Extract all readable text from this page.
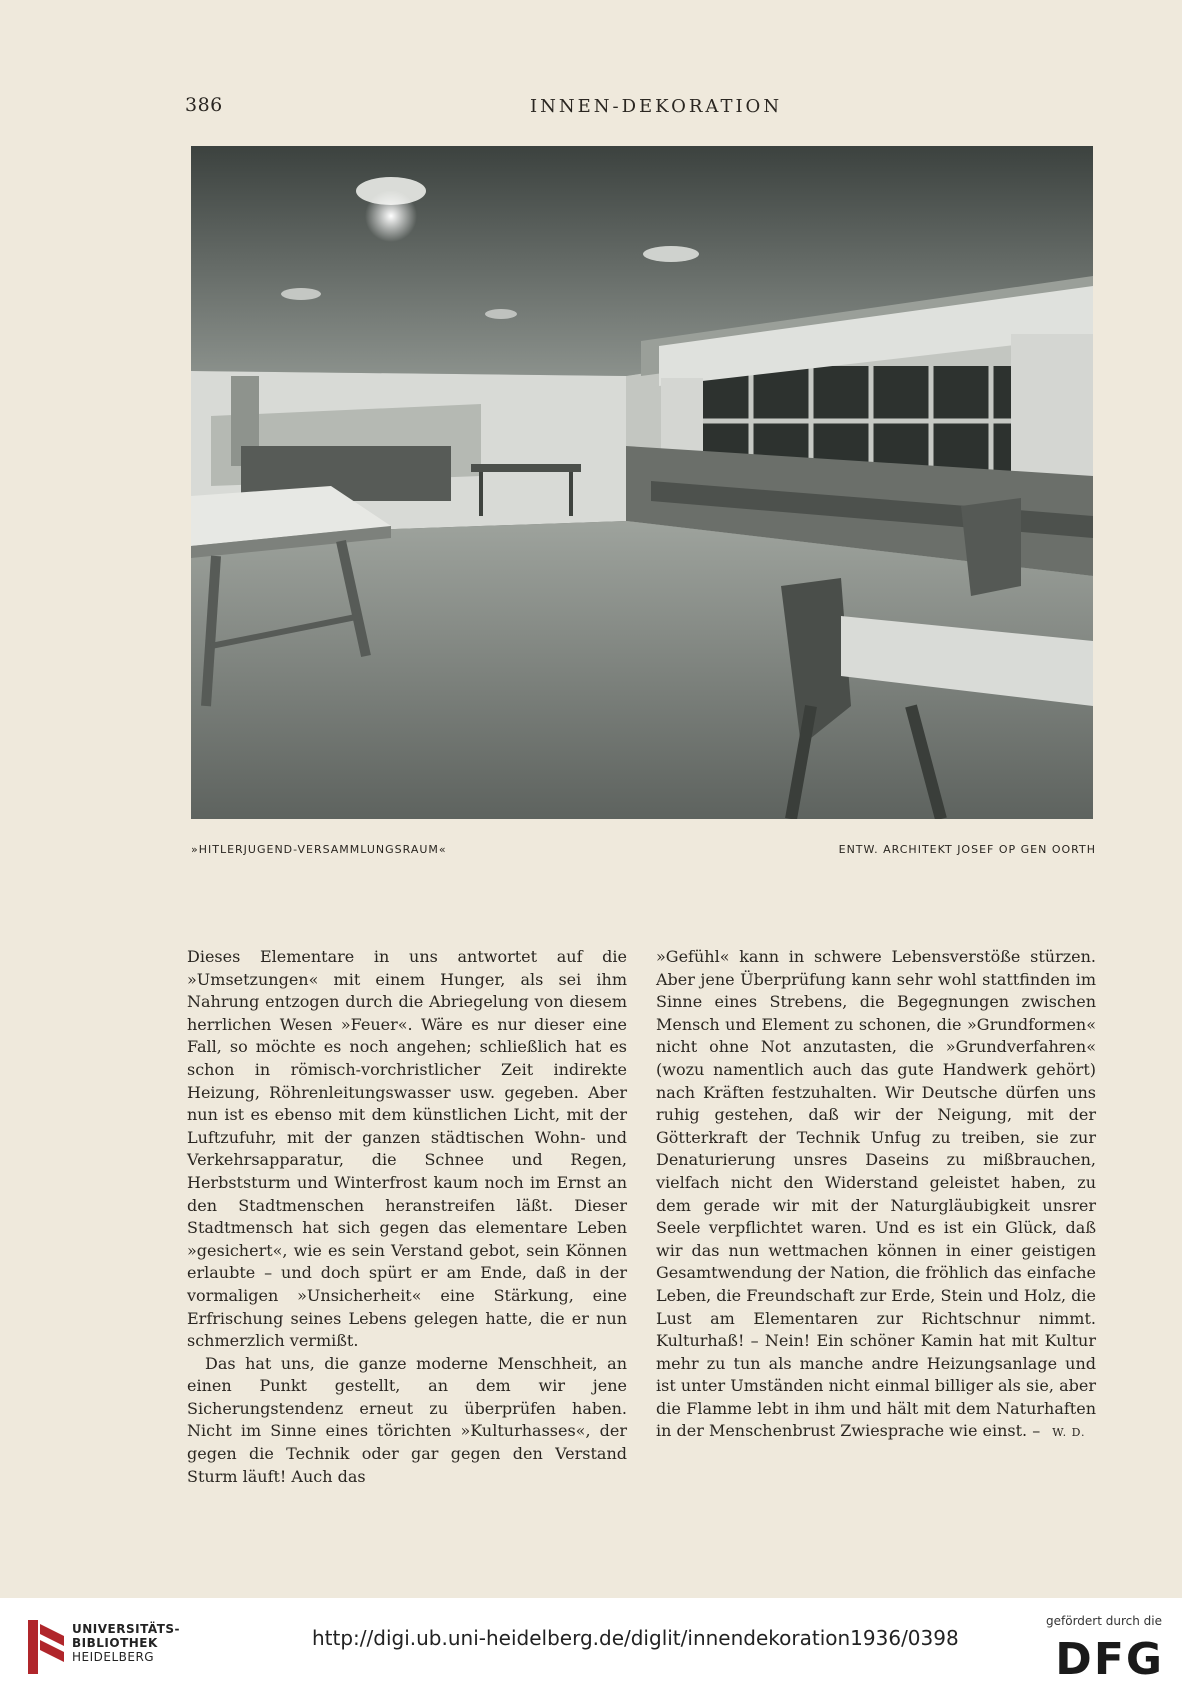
386	INNEN-DEKORATION
»HITLERJUGEND-VERSAMMLUNGSRAUM«	ENTW. ARCHITEKT JOSEF OP GEN OORTH

Dieses Elementare in uns antwortet auf die »Umsetzungen« mit einem Hunger, als sei ihm Nahrung entzogen durch die Abriegelung von diesem herrlichen Wesen »Feuer«. Wäre es nur dieser eine Fall, so möchte es noch angehen; schließlich hat es schon in römisch-vorchristlicher Zeit indirekte Heizung, Röhrenleitungswasser usw. gegeben. Aber nun ist es ebenso mit dem künstlichen Licht, mit der Luftzufuhr, mit der ganzen städtischen Wohn- und Verkehrsapparatur, die Schnee und Regen, Herbststurm und Winterfrost kaum noch im Ernst an den Stadtmenschen heranstreifen läßt. Dieser Stadtmensch hat sich gegen das elementare Leben »gesichert«, wie es sein Verstand gebot, sein Können erlaubte – und doch spürt er am Ende, daß in der vormaligen »Unsicherheit« eine Stärkung, eine Erfrischung seines Lebens gelegen hatte, die er nun schmerzlich vermißt.

Das hat uns, die ganze moderne Menschheit, an einen Punkt gestellt, an dem wir jene Sicherungstendenz erneut zu überprüfen haben. Nicht im Sinne eines törichten »Kulturhasses«, der gegen die Technik oder gar gegen den Verstand Sturm läuft! Auch das

»Gefühl« kann in schwere Lebensverstöße stürzen. Aber jene Überprüfung kann sehr wohl stattfinden im Sinne eines Strebens, die Begegnungen zwischen Mensch und Element zu schonen, die »Grundformen« nicht ohne Not anzutasten, die »Grundverfahren« (wozu namentlich auch das gute Handwerk gehört) nach Kräften festzuhalten. Wir Deutsche dürfen uns ruhig gestehen, daß wir der Neigung, mit der Götterkraft der Technik Unfug zu treiben, sie zur Denaturierung unsres Daseins zu mißbrauchen, vielfach nicht den Widerstand geleistet haben, zu dem gerade wir mit der Naturgläubigkeit unsrer Seele verpflichtet waren. Und es ist ein Glück, daß wir das nun wettmachen können in einer geistigen Gesamtwendung der Nation, die fröhlich das einfache Leben, die Freundschaft zur Erde, Stein und Holz, die Lust am Elementaren zur Richtschnur nimmt. Kulturhaß! – Nein! Ein schöner Kamin hat mit Kultur mehr zu tun als manche andre Heizungsanlage und ist unter Umständen nicht einmal billiger als sie, aber die Flamme lebt in ihm und hält mit dem Naturhaften in der Menschenbrust Zwiesprache wie einst. – W. D.

UNIVERSITÄTS-
BIBLIOTHEK
HEIDELBERG
http://digi.ub.uni-heidelberg.de/diglit/innendekoration1936/0398
gefördert durch die
DFG
